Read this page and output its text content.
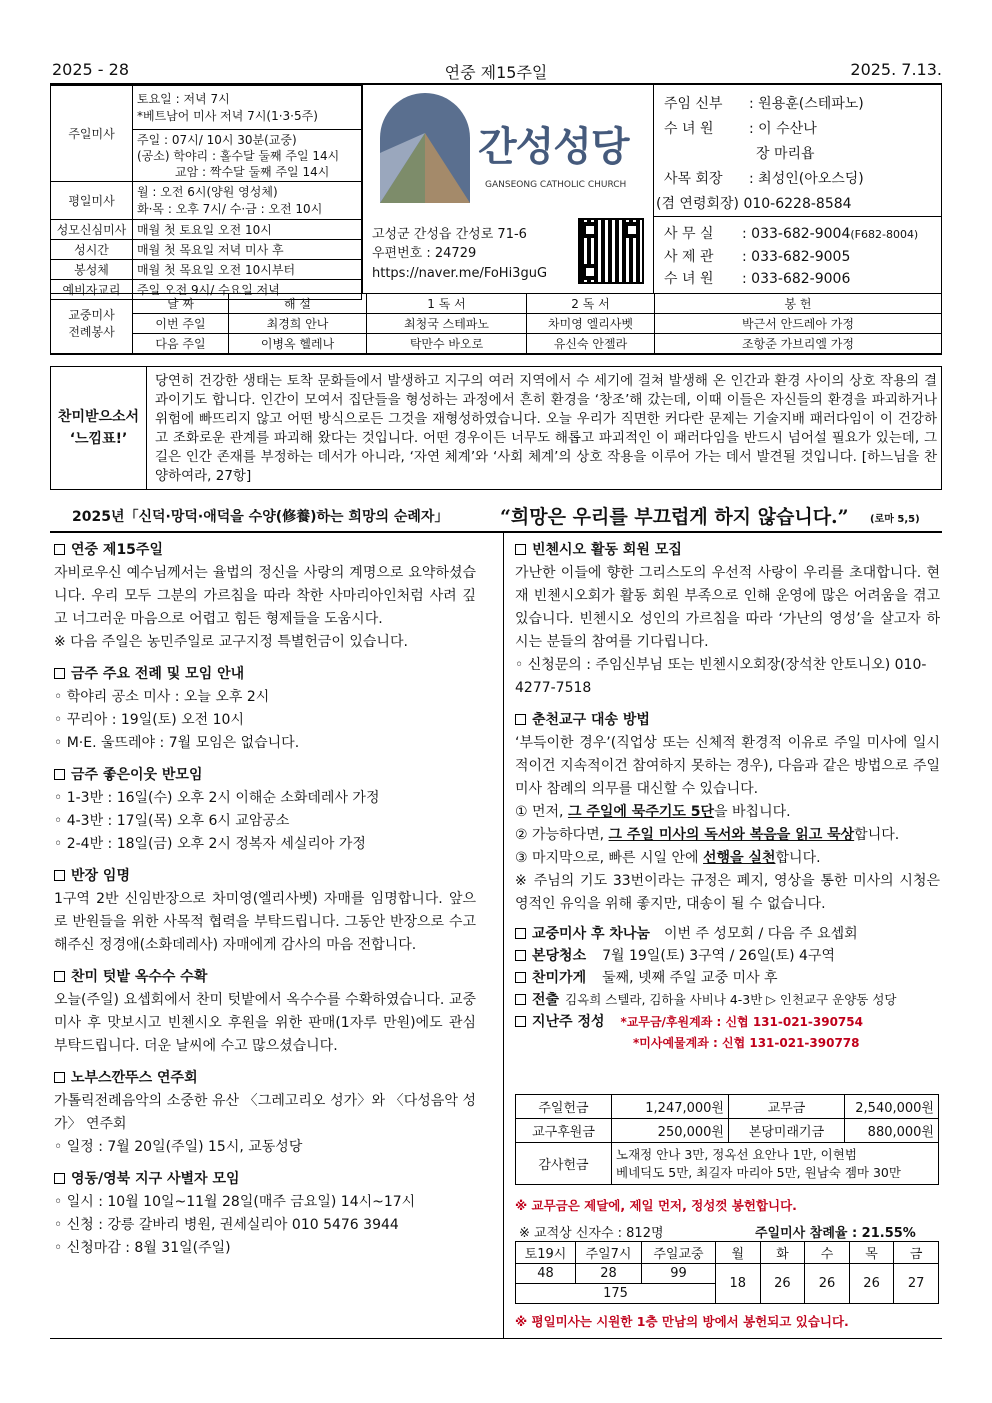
2025 - 28	연중 제15주일	2025. 7.13.
주일미사	토요일 : 저녁 7시
*베트남어 미사 저녁 7시(1·3·5주)

	주일 : 07시/ 10시 30분(교중)
(공소) 학야리 : 홀수달 둘째 주일 14시
교암 : 짝수달 둘째 주일 14시

평일미사	월 : 오전 6시(양원 영성체)
화·목 : 오후 7시/ 수·금 : 오전 10시

성모신심미사	매월 첫 토요일 오전 10시
성시간	매월 첫 목요일 저녁 미사 후
봉성체	매월 첫 목요일 오전 10시부터
예비자교리	주일 오전 9시/ 수요일 저녁
간성성당
GANSEONG CATHOLIC CHURCH
고성군 간성읍 간성로 71-6
우편번호 : 24729
https://naver.me/FoHi3guG
주임 신부 : 원용훈(스테파노)
수 녀 원	: 이 수산나
장 마리욥
사목 회장 : 최성인(아오스딩)
(겸 연령회장) 010-6228-8584
사 무 실 : 033-682-9004(F682-8004)
사 제 관 : 033-682-9005
수 녀 원 : 033-682-9006
교중미사
전례봉사	날 짜	해 설	1 독 서	2 독 서	봉 헌
	이번 주일	최경희 안나	최청국 스테파노	차미영 엘리사벳	박근서 안드레아 가정
	다음 주일	이병옥 헬레나	탁만수 바오로	유신숙 안젤라	조항준 가브리엘 가정
찬미받으소서
‘느낌표!’
당연히 건강한 생태는 토착 문화들에서 발생하고 지구의 여러 지역에서 수 세기에 걸쳐 발생해 온 인간과 환경 사이의 상호 작용의 결과이기도 합니다. 인간이 모여서 집단들을 형성하는 과정에서 흔히 환경을 ‘창조’해 갔는데, 이때 이들은 자신들의 환경을 파괴하거나 위험에 빠뜨리지 않고 어떤 방식으로든 그것을 재형성하였습니다. 오늘 우리가 직면한 커다란 문제는 기술지배 패러다임이 이 건강하고 조화로운 관계를 파괴해 왔다는 것입니다. 어떤 경우이든 너무도 해롭고 파괴적인 이 패러다임을 반드시 넘어설 필요가 있는데, 그 길은 인간 존재를 부정하는 데서가 아니라, ‘자연 체계’와 ‘사회 체계’의 상호 작용을 이루어 가는 데서 발견될 것입니다. [하느님을 찬양하여라, 27항]
2025년「신덕·망덕·애덕을 수양(修養)하는 희망의 순례자」	“희망은 우리를 부끄럽게 하지 않습니다.” (로마 5,5)
연중 제15주일

자비로우신 예수님께서는 율법의 정신을 사랑의 계명으로 요약하셨습니다. 우리 모두 그분의 가르침을 따라 착한 사마리아인처럼 사려 깊고 너그러운 마음으로 어렵고 힘든 형제들을 도움시다.

※ 다음 주일은 농민주일로 교구지정 특별헌금이 있습니다.

금주 주요 전례 및 모임 안내

◦ 학야리 공소 미사 : 오늘 오후 2시

◦ 꾸리아 : 19일(토) 오전 10시

◦ M·E. 울뜨레야 : 7월 모임은 없습니다.

금주 좋은이웃 반모임

◦ 1-3반 : 16일(수) 오후 2시 이해순 소화데레사 가정

◦ 4-3반 : 17일(목) 오후 6시 교암공소

◦ 2-4반 : 18일(금) 오후 2시 정복자 세실리아 가정

반장 임명

1구역 2반 신임반장으로 차미영(엘리사벳) 자매를 임명합니다. 앞으로 반원들을 위한 사목적 협력을 부탁드립니다. 그동안 반장으로 수고해주신 정경애(소화데레사) 자매에게 감사의 마음 전합니다.

찬미 텃밭 옥수수 수확

오늘(주일) 요셉회에서 찬미 텃밭에서 옥수수를 수확하였습니다. 교중미사 후 맛보시고 빈첸시오 후원을 위한 판매(1자루 만원)에도 관심 부탁드립니다. 더운 날씨에 수고 많으셨습니다.

노부스깐뚜스 연주회

가톨릭전례음악의 소중한 유산 〈그레고리오 성가〉와 〈다성음악 성가〉 연주회

◦ 일정 : 7월 20일(주일) 15시, 교동성당

영동/영북 지구 사별자 모임

◦ 일시 : 10월 10일~11월 28일(매주 금요일) 14시~17시

◦ 신청 : 강릉 갈바리 병원, 권세실리아 010 5476 3944

◦ 신청마감 : 8월 31일(주일)

빈첸시오 활동 회원 모집

가난한 이들에 향한 그리스도의 우선적 사랑이 우리를 초대합니다. 현재 빈첸시오회가 활동 회원 부족으로 인해 운영에 많은 어려움을 겪고 있습니다. 빈첸시오 성인의 가르침을 따라 ‘가난의 영성’을 살고자 하시는 분들의 참여를 기다립니다.

◦ 신청문의 : 주임신부님 또는 빈첸시오회장(장석찬 안토니오) 010-4277-7518

춘천교구 대송 방법

‘부득이한 경우’(직업상 또는 신체적 환경적 이유로 주일 미사에 일시적이건 지속적이건 참여하지 못하는 경우), 다음과 같은 방법으로 주일 미사 참례의 의무를 대신할 수 있습니다.

① 먼저, 그 주일에 묵주기도 5단을 바칩니다.

② 가능하다면, 그 주일 미사의 독서와 복음을 읽고 묵상합니다.

③ 마지막으로, 빠른 시일 안에 선행을 실천합니다.

※ 주님의 기도 33번이라는 규정은 폐지, 영상을 통한 미사의 시청은 영적인 유익을 위해 좋지만, 대송이 될 수 없습니다.

교중미사 후 차나눔 이번 주 성모회 / 다음 주 요셉회
본당청소 7월 19일(토) 3구역 / 26일(토) 4구역
찬미가게 둘째, 넷째 주일 교중 미사 후
전출 김옥희 스텔라, 김하율 사비나 4-3반 ▷ 인천교구 운양동 성당
지난주 정성 *교무금/후원계좌 : 신협 131-021-390754
*미사예물계좌 : 신협 131-021-390778
주일헌금	1,247,000원	교무금	2,540,000원
교구후원금	250,000원	본당미래기금	880,000원
감사헌금	노재정 안나 3만, 정옥선 요안나 1만, 이현범
베네딕도 5만, 최길자 마리아 5만, 원남숙 젬마 30만		
※ 교무금은 제달에, 제일 먼저, 정성껏 봉헌합니다.
※ 교적상 신자수 : 812명	주일미사 참례율 : 21.55%
토19시	주일7시	주일교중	월	화	수	목	금
48	28	99	18	26	26	26	27
175							
※ 평일미사는 시원한 1층 만남의 방에서 봉헌되고 있습니다.
